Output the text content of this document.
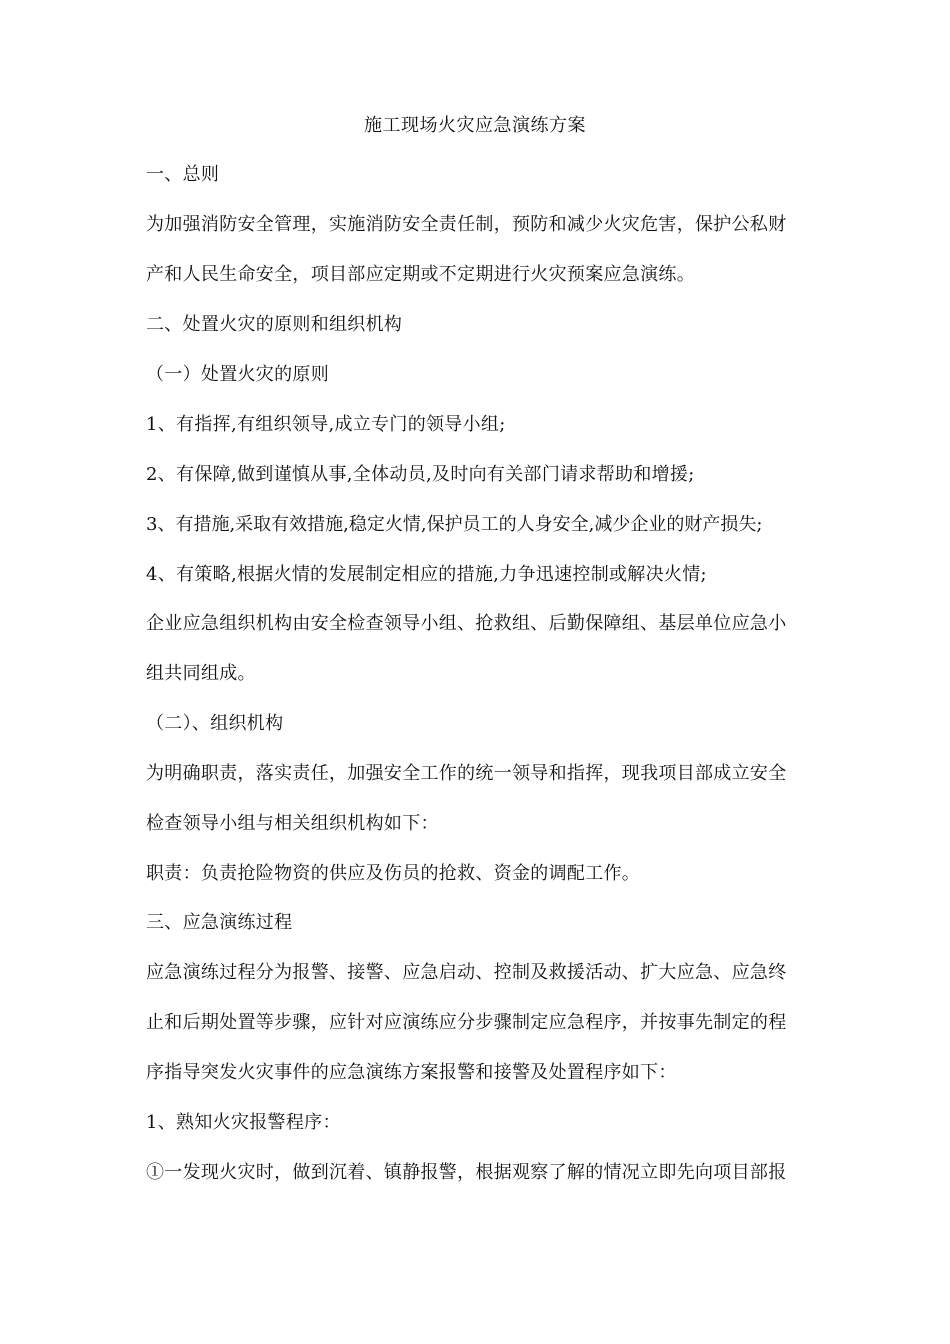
施工现场火灾应急演练方案
一、总则
为加强消防安全管理，实施消防安全责任制，预防和减少火灾危害，保护公私财
产和人民生命安全，项目部应定期或不定期进行火灾预案应急演练。
二、处置火灾的原则和组织机构
（一）处置火灾的原则
1、有指挥,有组织领导,成立专门的领导小组;
2、有保障,做到谨慎从事,全体动员,及时向有关部门请求帮助和增援;
3、有措施,采取有效措施,稳定火情,保护员工的人身安全,减少企业的财产损失;
4、有策略,根据火情的发展制定相应的措施,力争迅速控制或解决火情;
企业应急组织机构由安全检查领导小组、抢救组、后勤保障组、基层单位应急小
组共同组成。
（二）、组织机构
为明确职责，落实责任，加强安全工作的统一领导和指挥，现我项目部成立安全
检查领导小组与相关组织机构如下：
职责：负责抢险物资的供应及伤员的抢救、资金的调配工作。
三、应急演练过程
应急演练过程分为报警、接警、应急启动、控制及救援活动、扩大应急、应急终
止和后期处置等步骤，应针对应演练应分步骤制定应急程序，并按事先制定的程
序指导突发火灾事件的应急演练方案报警和接警及处置程序如下：
1、熟知火灾报警程序：
①一发现火灾时，做到沉着、镇静报警，根据观察了解的情况立即先向项目部报
